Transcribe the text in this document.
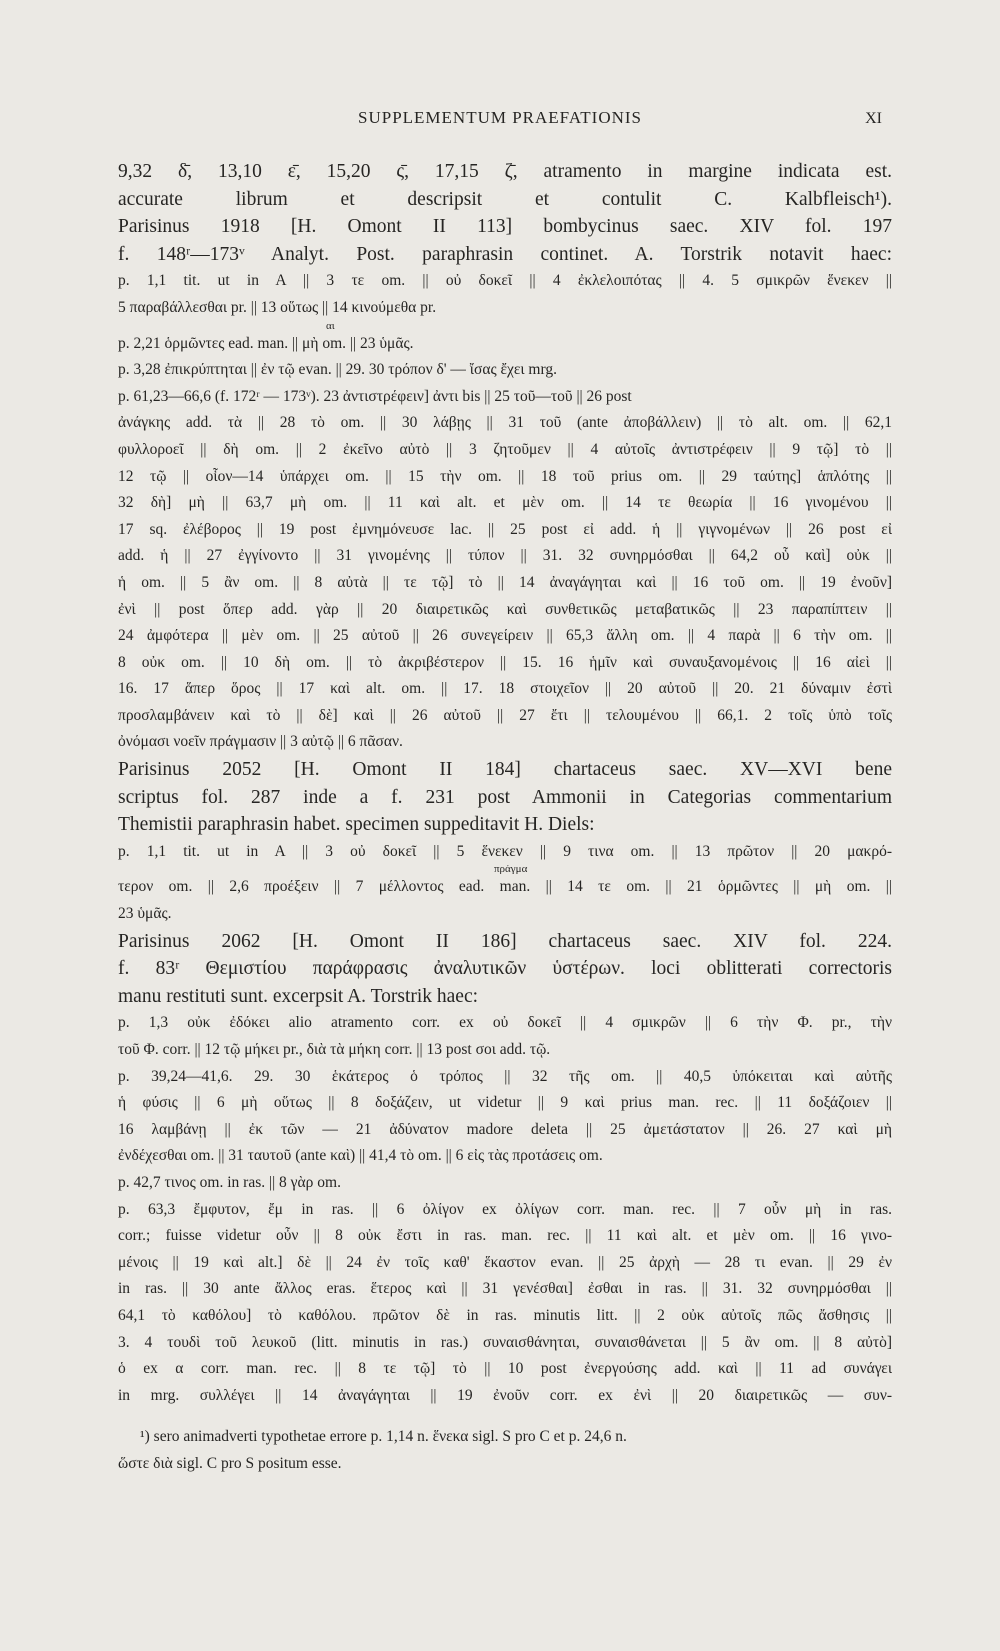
SUPPLEMENTUM PRAEFATIONIS	XI
9,32 δ̄, 13,10 ε̄, 15,20 ς̄, 17,15 ζ̄, atramento in margine indicata est.
accurate librum et descripsit et contulit C. Kalbfleisch¹).
Parisinus 1918 [H. Omont II 113] bombycinus saec. XIV fol. 197
f. 148ʳ—173ᵛ Analyt. Post. paraphrasin continet. A. Torstrik notavit haec:
p. 1,1 tit. ut in A || 3 τε om. || οὐ δοκεῖ || 4 ἐκλελοιπότας || 4. 5 σμικρῶν ἕνεκεν ||
5 παραβάλλεσθαι pr. || 13 οὕτως || 14 κινούμεθα pr.
αι
p. 2,21 ὁρμῶντες ead. man. || μὴ om. || 23 ὑμᾶς.
p. 3,28 ἐπικρύπτηται || ἐν τῷ evan. || 29. 30 τρόπον δ' — ἴσας ἔχει mrg.
p. 61,23—66,6 (f. 172ʳ — 173ᵛ). 23 ἀντιστρέφειν] ἀντι bis || 25 τοῦ—τοῦ || 26 post
ἀνάγκης add. τὰ || 28 τὸ om. || 30 λάβῃς || 31 τοῦ (ante ἀποβάλλειν) || τὸ alt. om. || 62,1
φυλλοροεῖ || δὴ om. || 2 ἐκεῖνο αὐτὸ || 3 ζητοῦμεν || 4 αὐτοῖς ἀντιστρέφειν || 9 τῷ] τὸ ||
12 τῷ || οἷον—14 ὑπάρχει om. || 15 τὴν om. || 18 τοῦ prius om. || 29 ταύτης] ἁπλότης ||
32 δὴ] μὴ || 63,7 μὴ om. || 11 καὶ alt. et μὲν om. || 14 τε θεωρία || 16 γινομένου ||
17 sq. ἐλέβορος || 19 post ἐμνημόνευσε lac. || 25 post εἰ add. ἡ || γιγνομένων || 26 post εἰ
add. ἡ || 27 ἐγγίνοντο || 31 γινομένης || τύπον || 31. 32 συνηρμόσθαι || 64,2 οὗ καὶ] οὐκ ||
ἡ om. || 5 ἂν om. || 8 αὐτὰ || τε τῷ] τὸ || 14 ἀναγάγηται καὶ || 16 τοῦ om. || 19 ἐνοῦν]
ἐνὶ || post ὅπερ add. γὰρ || 20 διαιρετικῶς καὶ συνθετικῶς μεταβατικῶς || 23 παραπίπτειν ||
24 ἀμφότερα || μὲν om. || 25 αὐτοῦ || 26 συνεγείρειν || 65,3 ἄλλη om. || 4 παρὰ || 6 τὴν om. ||
8 οὐκ om. || 10 δὴ om. || τὸ ἀκριβέστερον || 15. 16 ἡμῖν καὶ συναυξανομένοις || 16 αἰεὶ ||
16. 17 ἅπερ ὅρος || 17 καὶ alt. om. || 17. 18 στοιχεῖον || 20 αὐτοῦ || 20. 21 δύναμιν ἐστὶ
προσλαμβάνειν καὶ τὸ || δὲ] καὶ || 26 αὐτοῦ || 27 ἔτι || τελουμένου || 66,1. 2 τοῖς ὑπὸ τοῖς
ὀνόμασι νοεῖν πράγμασιν || 3 αὐτῷ || 6 πᾶσαν.
Parisinus 2052 [H. Omont II 184] chartaceus saec. XV—XVI bene
scriptus fol. 287 inde a f. 231 post Ammonii in Categorias commentarium
Themistii paraphrasin habet. specimen suppeditavit H. Diels:
p. 1,1 tit. ut in A || 3 οὐ δοκεῖ || 5 ἕνεκεν || 9 τινα om. || 13 πρῶτον || 20 μακρό-
πράγμα
τερον om. || 2,6 προέξειν || 7 μέλλοντος ead. man. || 14 τε om. || 21 ὁρμῶντες || μὴ om. ||
23 ὑμᾶς.
Parisinus 2062 [H. Omont II 186] chartaceus saec. XIV fol. 224.
f. 83ʳ Θεμιστίου παράφρασις ἀναλυτικῶν ὑστέρων. loci oblitterati correctoris
manu restituti sunt. excerpsit A. Torstrik haec:
p. 1,3 οὐκ ἐδόκει alio atramento corr. ex οὐ δοκεῖ || 4 σμικρῶν || 6 τὴν Φ. pr., τὴν
τοῦ Φ. corr. || 12 τῷ μήκει pr., διὰ τὰ μήκη corr. || 13 post σοι add. τῷ.
p. 39,24—41,6. 29. 30 ἑκάτερος ὁ τρόπος || 32 τῆς om. || 40,5 ὑπόκειται καὶ αὐτῆς
ἡ φύσις || 6 μὴ οὕτως || 8 δοξάζειν, ut videtur || 9 καὶ prius man. rec. || 11 δοξάζοιεν ||
16 λαμβάνῃ || ἐκ τῶν — 21 ἀδύνατον madore deleta || 25 ἀμετάστατον || 26. 27 καὶ μὴ
ἐνδέχεσθαι om. || 31 ταυτοῦ (ante καὶ) || 41,4 τὸ om. || 6 εἰς τὰς προτάσεις om.
p. 42,7 τινος om. in ras. || 8 γὰρ om.
p. 63,3 ἔμφυτον, ἔμ in ras. || 6 ὀλίγον ex ὀλίγων corr. man. rec. || 7 οὖν μὴ in ras.
corr.; fuisse videtur οὖν || 8 οὐκ ἔστι in ras. man. rec. || 11 καὶ alt. et μὲν om. || 16 γινο-
μένοις || 19 καὶ alt.] δὲ || 24 ἐν τοῖς καθ' ἕκαστον evan. || 25 ἀρχὴ — 28 τι evan. || 29 ἐν
in ras. || 30 ante ἄλλος eras. ἕτερος καὶ || 31 γενέσθαι] ἐσθαι in ras. || 31. 32 συνηρμόσθαι ||
64,1 τὸ καθόλου] τὸ καθόλου. πρῶτον δὲ in ras. minutis litt. || 2 οὐκ αὐτοῖς πῶς ἄσθησις ||
3. 4 τουδὶ τοῦ λευκοῦ (litt. minutis in ras.) συναισθάνηται, συναισθάνεται || 5 ἂν om. || 8 αὐτὸ]
ὁ ex α corr. man. rec. || 8 τε τῷ] τὸ || 10 post ἐνεργούσης add. καὶ || 11 ad συνάγει
in mrg. συλλέγει || 14 ἀναγάγηται || 19 ἐνοῦν corr. ex ἐνὶ || 20 διαιρετικῶς — συν-
¹) sero animadverti typothetae errore p. 1,14 n. ἕνεκα sigl. S pro C et p. 24,6 n.
ὥστε διὰ sigl. C pro S positum esse.
